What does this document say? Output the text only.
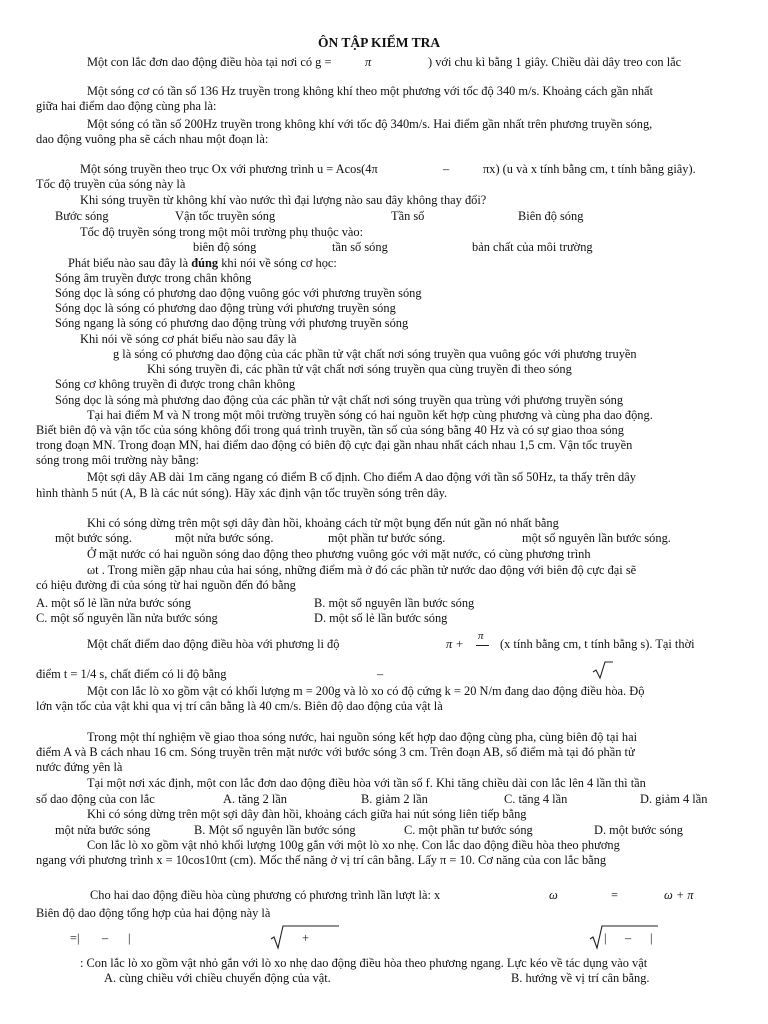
ÔN TẬP KIỂM TRA
Một con lắc đơn dao động điều hòa tại nơi có g =	π	) với chu kì bằng 1 giây. Chiều dài dây treo con lắc
Một sóng cơ có tần số 136 Hz truyền trong không khí theo một phương với tốc độ 340 m/s. Khoảng cách gần nhất
giữa hai điểm dao động cùng pha là:
Một sóng có tần số 200Hz truyền trong không khí với tốc độ 340m/s. Hai điểm gần nhất trên phương truyền sóng,
dao động vuông pha sẽ cách nhau một đoạn là:
Một sóng truyền theo trục Ox với phương trình u = Acos(4π	–	πx) (u và x tính bằng cm, t tính bằng giây).
Tốc độ truyền của sóng này là
Khi sóng truyền từ không khí vào nước thì đại lượng nào sau đây không thay đổi?
Bước sóng	Vận tốc truyền sóng	Tần số	Biên độ sóng
Tốc độ truyền sóng trong một môi trường phụ thuộc vào:
biên độ sóng	tần số sóng	bản chất của môi trường
Phát biểu nào sau đây là đúng khi nói về sóng cơ học:
Sóng âm truyền được trong chân không
Sóng dọc là sóng có phương dao động vuông góc với phương truyền sóng
Sóng dọc là sóng có phương dao động trùng với phương truyền sóng
Sóng ngang là sóng có phương dao động trùng với phương truyền sóng
Khi nói về sóng cơ phát biểu nào sau đây là
g là sóng có phương dao động của các phần tử vật chất nơi sóng truyền qua vuông góc với phương truyền
Khi sóng truyền đi, các phần tử vật chất nơi sóng truyền qua cùng truyền đi theo sóng
Sóng cơ không truyền đi được trong chân không
Sóng dọc là sóng mà phương dao động của các phần tử vật chất nơi sóng truyền qua trùng với phương truyền sóng
Tại hai điểm M và N trong một môi trường truyền sóng có hai nguồn kết hợp cùng phương và cùng pha dao động.
Biết biên độ và vận tốc của sóng không đổi trong quá trình truyền, tần số của sóng bằng 40 Hz và có sự giao thoa sóng
trong đoạn MN. Trong đoạn MN, hai điểm dao động có biên độ cực đại gần nhau nhất cách nhau 1,5 cm. Vận tốc truyền
sóng trong môi trường này bằng:
Một sợi dây AB dài 1m căng ngang có điểm B cố định. Cho điểm A dao động với tần số 50Hz, ta thấy trên dây
hình thành 5 nút (A, B là các nút sóng). Hãy xác định vận tốc truyền sóng trên dây.
Khi có sóng dừng trên một sợi dây đàn hồi, khoảng cách từ một bụng đến nút gần nó nhất bằng
một bước sóng.	một nửa bước sóng.	một phần tư bước sóng.	một số nguyên lần bước sóng.
Ở mặt nước có hai nguồn sóng dao động theo phương vuông góc với mặt nước, có cùng phương trình
ωt . Trong miền gặp nhau của hai sóng, những điểm mà ở đó các phần tử nước dao động với biên độ cực đại sẽ
có hiệu đường đi của sóng từ hai nguồn đến đó bằng
A. một số lẻ lần nửa bước sóng	B. một số nguyên lần bước sóng
C. một số nguyên lần nửa bước sóng	D. một số lẻ lần bước sóng
Một chất điểm dao động điều hòa với phương li độ	π +
π
(x tính bằng cm, t tính bằng s). Tại thời
điểm t = 1/4 s, chất điểm có li độ bằng	–
Một con lắc lò xo gồm vật có khối lượng m = 200g và lò xo có độ cứng k = 20 N/m đang dao động điều hòa. Độ
lớn vận tốc của vật khi qua vị trí cân bằng là 40 cm/s. Biên độ dao động của vật là
Trong một thí nghiệm về giao thoa sóng nước, hai nguồn sóng kết hợp dao động cùng pha, cùng biên độ tại hai
điểm A và B cách nhau 16 cm. Sóng truyền trên mặt nước với bước sóng 3 cm. Trên đoạn AB, số điểm mà tại đó phần tử
nước đứng yên là
Tại một nơi xác định, một con lắc đơn dao động điều hòa với tần số f. Khi tăng chiều dài con lắc lên 4 lần thì tần
số dao động của con lắc	A. tăng 2 lần	B. giảm 2 lần	C. tăng 4 lần	D. giảm 4 lần
Khi có sóng dừng trên một sợi dây đàn hồi, khoảng cách giữa hai nút sóng liên tiếp bằng
một nửa bước sóng	B. Một số nguyên lần bước sóng	C. một phần tư bước sóng	D. một bước sóng
Con lắc lò xo gồm vật nhỏ khối lượng 100g gắn với một lò xo nhẹ. Con lắc dao động điều hòa theo phương
ngang với phương trình x = 10cos10πt (cm). Mốc thế năng ở vị trí cân bằng. Lấy π = 10. Cơ năng của con lắc bằng
Cho hai dao động điều hòa cùng phương có phương trình lần lượt là: x	ω	=	ω + π
Biên độ dao động tổng hợp của hai động này là
=| – |	+	| – |
: Con lắc lò xo gồm vật nhỏ gắn với lò xo nhẹ dao động điều hòa theo phương ngang. Lực kéo về tác dụng vào vật
A. cùng chiều với chiều chuyển động của vật.	B. hướng về vị trí cân bằng.
